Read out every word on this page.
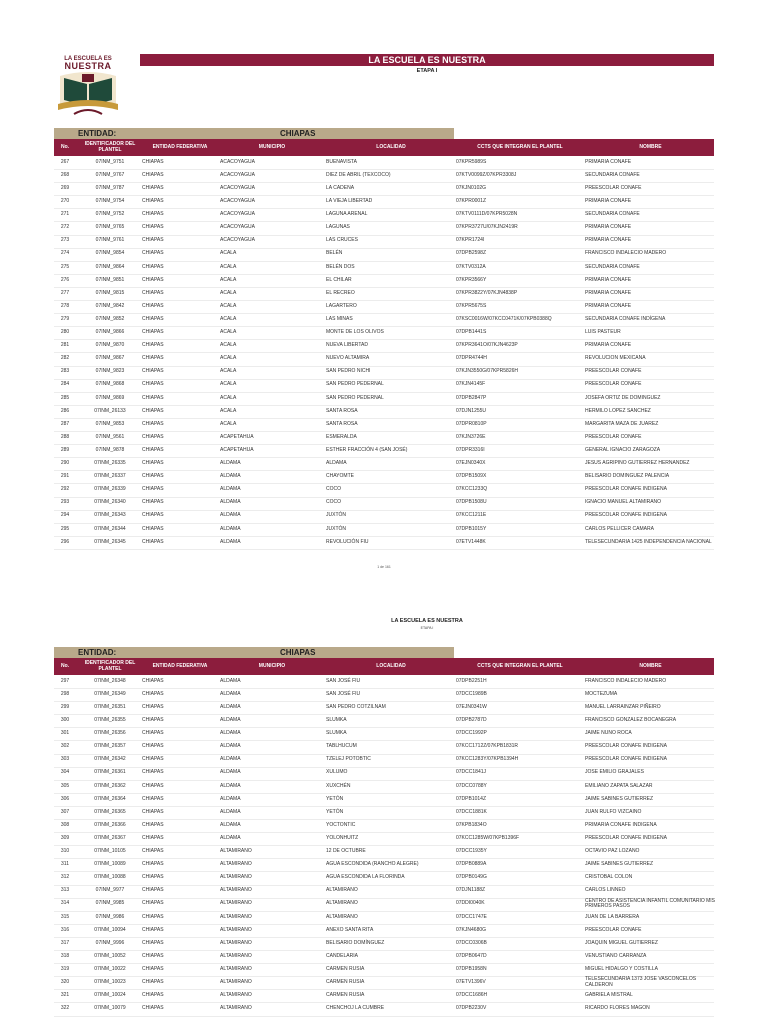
LA ESCUELA ES
NUESTRA
LA ESCUELA ES NUESTRA
ETAPA I
ENTIDAD:	CHIAPAS
No.	IDENTIFICADOR DEL PLANTEL	ENTIDAD FEDERATIVA	MUNICIPIO	LOCALIDAD	CCTS QUE INTEGRAN EL PLANTEL	NOMBRE
267	07INM_9751	CHIAPAS	ACACOYAGUA	BUENAVISTA	07KPR5989S	PRIMARIA CONAFE
268	07INM_9767	CHIAPAS	ACACOYAGUA	DIEZ DE ABRIL (TEXCOCO)	07KTV0099Z/07KPR3308J	SECUNDARIA CONAFE
269	07INM_9787	CHIAPAS	ACACOYAGUA	LA CADENA	07KJN0102G	PREESCOLAR CONAFE
270	07INM_9754	CHIAPAS	ACACOYAGUA	LA VIEJA LIBERTAD	07KPR0001Z	PRIMARIA CONAFE
271	07INM_9752	CHIAPAS	ACACOYAGUA	LAGUNA ARENAL	07KTV0111D/07KPR5028N	SECUNDARIA CONAFE
272	07INM_9765	CHIAPAS	ACACOYAGUA	LAGUNAS	07KPR3727U/07KJN2419R	PRIMARIA CONAFE
273	07INM_9761	CHIAPAS	ACACOYAGUA	LAS CRUCES	07KPR1724I	PRIMARIA CONAFE
274	07INM_9854	CHIAPAS	ACALA	BELÉN	07DPB2598Z	FRANCISCO INDALECIO MADERO
275	07INM_9864	CHIAPAS	ACALA	BELÉN DOS	07KTV0312A	SECUNDARIA CONAFE
276	07INM_9851	CHIAPAS	ACALA	EL CHILAR	07KPR3566Y	PRIMARIA CONAFE
277	07INM_9815	CHIAPAS	ACALA	EL RECREO	07KPR3822Y/07KJN4838P	PRIMARIA CONAFE
278	07INM_9842	CHIAPAS	ACALA	LAGARTERO	07KPR5675S	PRIMARIA CONAFE
279	07INM_9852	CHIAPAS	ACALA	LAS MINAS	07KSC0016W/07KCC0471K/07KPB0388Q	SECUNDARIA CONAFE INDÍGENA
280	07INM_9866	CHIAPAS	ACALA	MONTE DE LOS OLIVOS	07DPB1441S	LUIS PASTEUR
281	07INM_9870	CHIAPAS	ACALA	NUEVA LIBERTAD	07KPR3641O/07KJN4623P	PRIMARIA CONAFE
282	07INM_9867	CHIAPAS	ACALA	NUEVO ALTAMIRA	07DPR4744H	REVOLUCION MEXICANA
283	07INM_9823	CHIAPAS	ACALA	SAN PEDRO NICHI	07KJN3550G/07KPR5826H	PREESCOLAR CONAFE
284	07INM_9868	CHIAPAS	ACALA	SAN PEDRO PEDERNAL	07KJN4145F	PREESCOLAR CONAFE
285	07INM_9869	CHIAPAS	ACALA	SAN PEDRO PEDERNAL	07DPB2847P	JOSEFA ORTIZ DE DOMINGUEZ
286	07INM_26133	CHIAPAS	ACALA	SANTA ROSA	07DJN1255U	HERMILO LOPEZ SANCHEZ
287	07INM_9853	CHIAPAS	ACALA	SANTA ROSA	07DPR0810P	MARGARITA MAZA DE JUAREZ
288	07INM_9561	CHIAPAS	ACAPETAHUA	ESMERALDA	07KJN3726E	PREESCOLAR CONAFE
289	07INM_9878	CHIAPAS	ACAPETAHUA	ESTHER FRACCIÓN 4 (SAN JOSÉ)	07DPR3316I	GENERAL IGNACIO ZARAGOZA
290	07INM_26335	CHIAPAS	ALDAMA	ALDAMA	07EJN0340X	JESUS AGRIPINO GUTIERREZ HERNANDEZ
291	07INM_26337	CHIAPAS	ALDAMA	CHAYOMTE	07DPB1509X	BELISARIO DOMINGUEZ PALENCIA
292	07INM_26339	CHIAPAS	ALDAMA	COCO	07KCC1233Q	PREESCOLAR CONAFE INDIGENA
293	07INM_26340	CHIAPAS	ALDAMA	COCO	07DPB1508U	IGNACIO MANUEL ALTAMIRANO
294	07INM_26343	CHIAPAS	ALDAMA	JUXTÓN	07KCC1211E	PREESCOLAR CONAFE INDIGENA
295	07INM_26344	CHIAPAS	ALDAMA	JUXTÓN	07DPB1015Y	CARLOS PELLICER CAMARA
296	07INM_26345	CHIAPAS	ALDAMA	REVOLUCIÓN FIU	07ETV1448K	TELESECUNDARIA 1425 INDEPENDENCIA NACIONAL
1 de 161
LA ESCUELA ES NUESTRA
ETAPA I
ENTIDAD:	CHIAPAS
No.	IDENTIFICADOR DEL PLANTEL	ENTIDAD FEDERATIVA	MUNICIPIO	LOCALIDAD	CCTS QUE INTEGRAN EL PLANTEL	NOMBRE
297	07INM_26348	CHIAPAS	ALDAMA	SAN JOSÉ FIU	07DPB2251H	FRANCISCO INDALECIO MADERO
298	07INM_26349	CHIAPAS	ALDAMA	SAN JOSÉ FIU	07DCC1989B	MOCTEZUMA
299	07INM_26351	CHIAPAS	ALDAMA	SAN PEDRO COTZILNAM	07EJN0341W	MANUEL LARRAINZAR PIÑEIRO
300	07INM_26355	CHIAPAS	ALDAMA	SLUMKA	07DPB2787D	FRANCISCO GONZALEZ BOCANEGRA
301	07INM_26356	CHIAPAS	ALDAMA	SLUMKA	07DCC1992P	JAIME NUNO ROCA
302	07INM_26357	CHIAPAS	ALDAMA	TABLHUCUM	07KCC1712Z/07KPB1831R	PREESCOLAR CONAFE INDIGENA
303	07INM_26342	CHIAPAS	ALDAMA	TZELEJ POTOBTIC	07KCC1283Y/07KPB1394H	PREESCOLAR CONAFE INDIGENA
304	07INM_26361	CHIAPAS	ALDAMA	XULUMO	07DCC1841J	JOSE EMILIO GRAJALES
305	07INM_26362	CHIAPAS	ALDAMA	XUXCHÉN	07DCC0788Y	EMILIANO ZAPATA SALAZAR
306	07INM_26364	CHIAPAS	ALDAMA	YETÓN	07DPB1014Z	JAIME SABINES GUTIERREZ
307	07INM_26365	CHIAPAS	ALDAMA	YETÓN	07DCC1881K	JUAN RULFO VIZCAINO
308	07INM_26366	CHIAPAS	ALDAMA	YOCTONTIC	07KPB1834O	PRIMARIA CONAFE INDIGENA
309	07INM_26367	CHIAPAS	ALDAMA	YOLONHUITZ	07KCC1285W/07KPB1396F	PREESCOLAR CONAFE INDIGENA
310	07INM_10105	CHIAPAS	ALTAMIRANO	12 DE OCTUBRE	07DCC1935Y	OCTAVIO PAZ LOZANO
311	07INM_10089	CHIAPAS	ALTAMIRANO	AGUA ESCONDIDA (RANCHO ALEGRE)	07DPB0889A	JAIME SABINES GUTIERREZ
312	07INM_10088	CHIAPAS	ALTAMIRANO	AGUA ESCONDIDA LA FLORINDA	07DPB0149G	CRISTOBAL COLON
313	07INM_9977	CHIAPAS	ALTAMIRANO	ALTAMIRANO	07DJN1188Z	CARLOS LINNEO
314	07INM_9985	CHIAPAS	ALTAMIRANO	ALTAMIRANO	07DDI0040K	CENTRO DE ASISTENCIA INFANTIL COMUNITARIO MIS PRIMEROS PASOS
315	07INM_9986	CHIAPAS	ALTAMIRANO	ALTAMIRANO	07DCC1747E	JUAN DE LA BARRERA
316	07INM_10094	CHIAPAS	ALTAMIRANO	ANEXO SANTA RITA	07KJN4680G	PREESCOLAR CONAFE
317	07INM_9996	CHIAPAS	ALTAMIRANO	BELISARIO DOMÍNGUEZ	07DCC0306B	JOAQUIN MIGUEL GUTIERREZ
318	07INM_10052	CHIAPAS	ALTAMIRANO	CANDELARIA	07DPB0647D	VENUSTIANO CARRANZA
319	07INM_10022	CHIAPAS	ALTAMIRANO	CARMEN RUSIA	07DPB1958N	MIGUEL HIDALGO Y COSTILLA
320	07INM_10023	CHIAPAS	ALTAMIRANO	CARMEN RUSIA	07ETV1396V	TELESECUNDARIA 1373 JOSE VASCONCELOS CALDERON
321	07INM_10024	CHIAPAS	ALTAMIRANO	CARMEN RUSIA	07DCC1686H	GABRIELA MISTRAL
322	07INM_10079	CHIAPAS	ALTAMIRANO	CHENCHOJ LA CUMBRE	07DPB2230V	RICARDO FLORES MAGON
